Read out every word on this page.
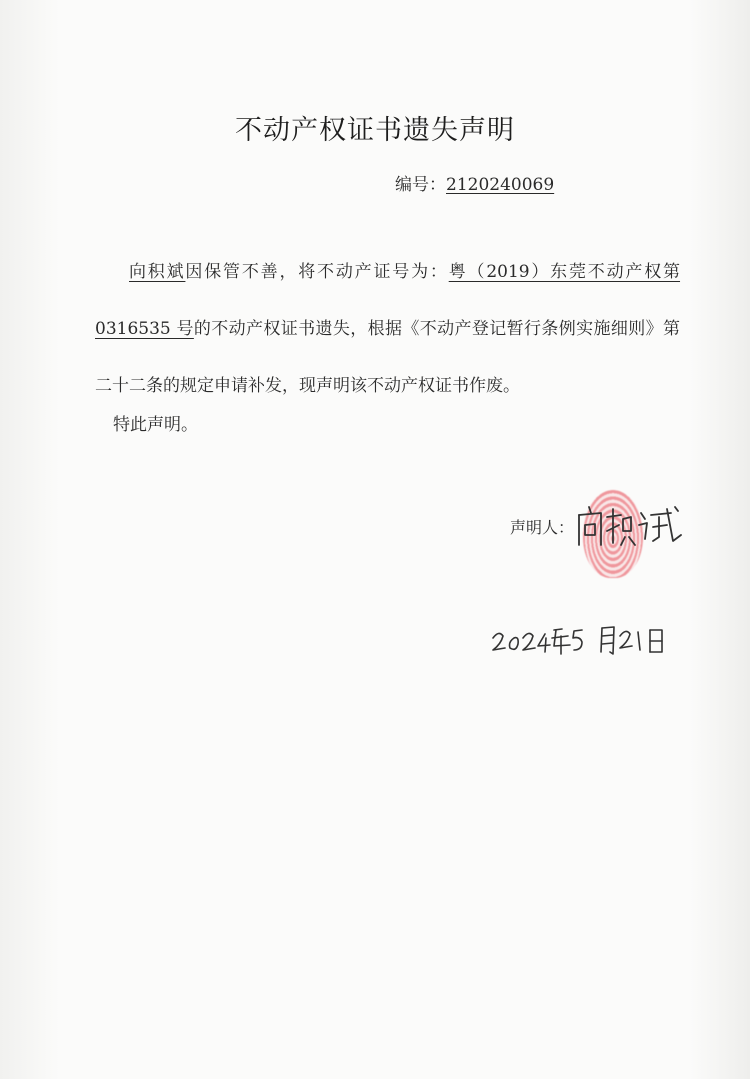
不动产权证书遗失声明
编号：2120240069

向积斌因保管不善，将不动产证号为：粤（2019）东莞不动产权第 0316535 号的不动产权证书遗失，根据《不动产登记暂行条例实施细则》第二十二条的规定申请补发，现声明该不动产权证书作废。

特此声明。
声明人：
